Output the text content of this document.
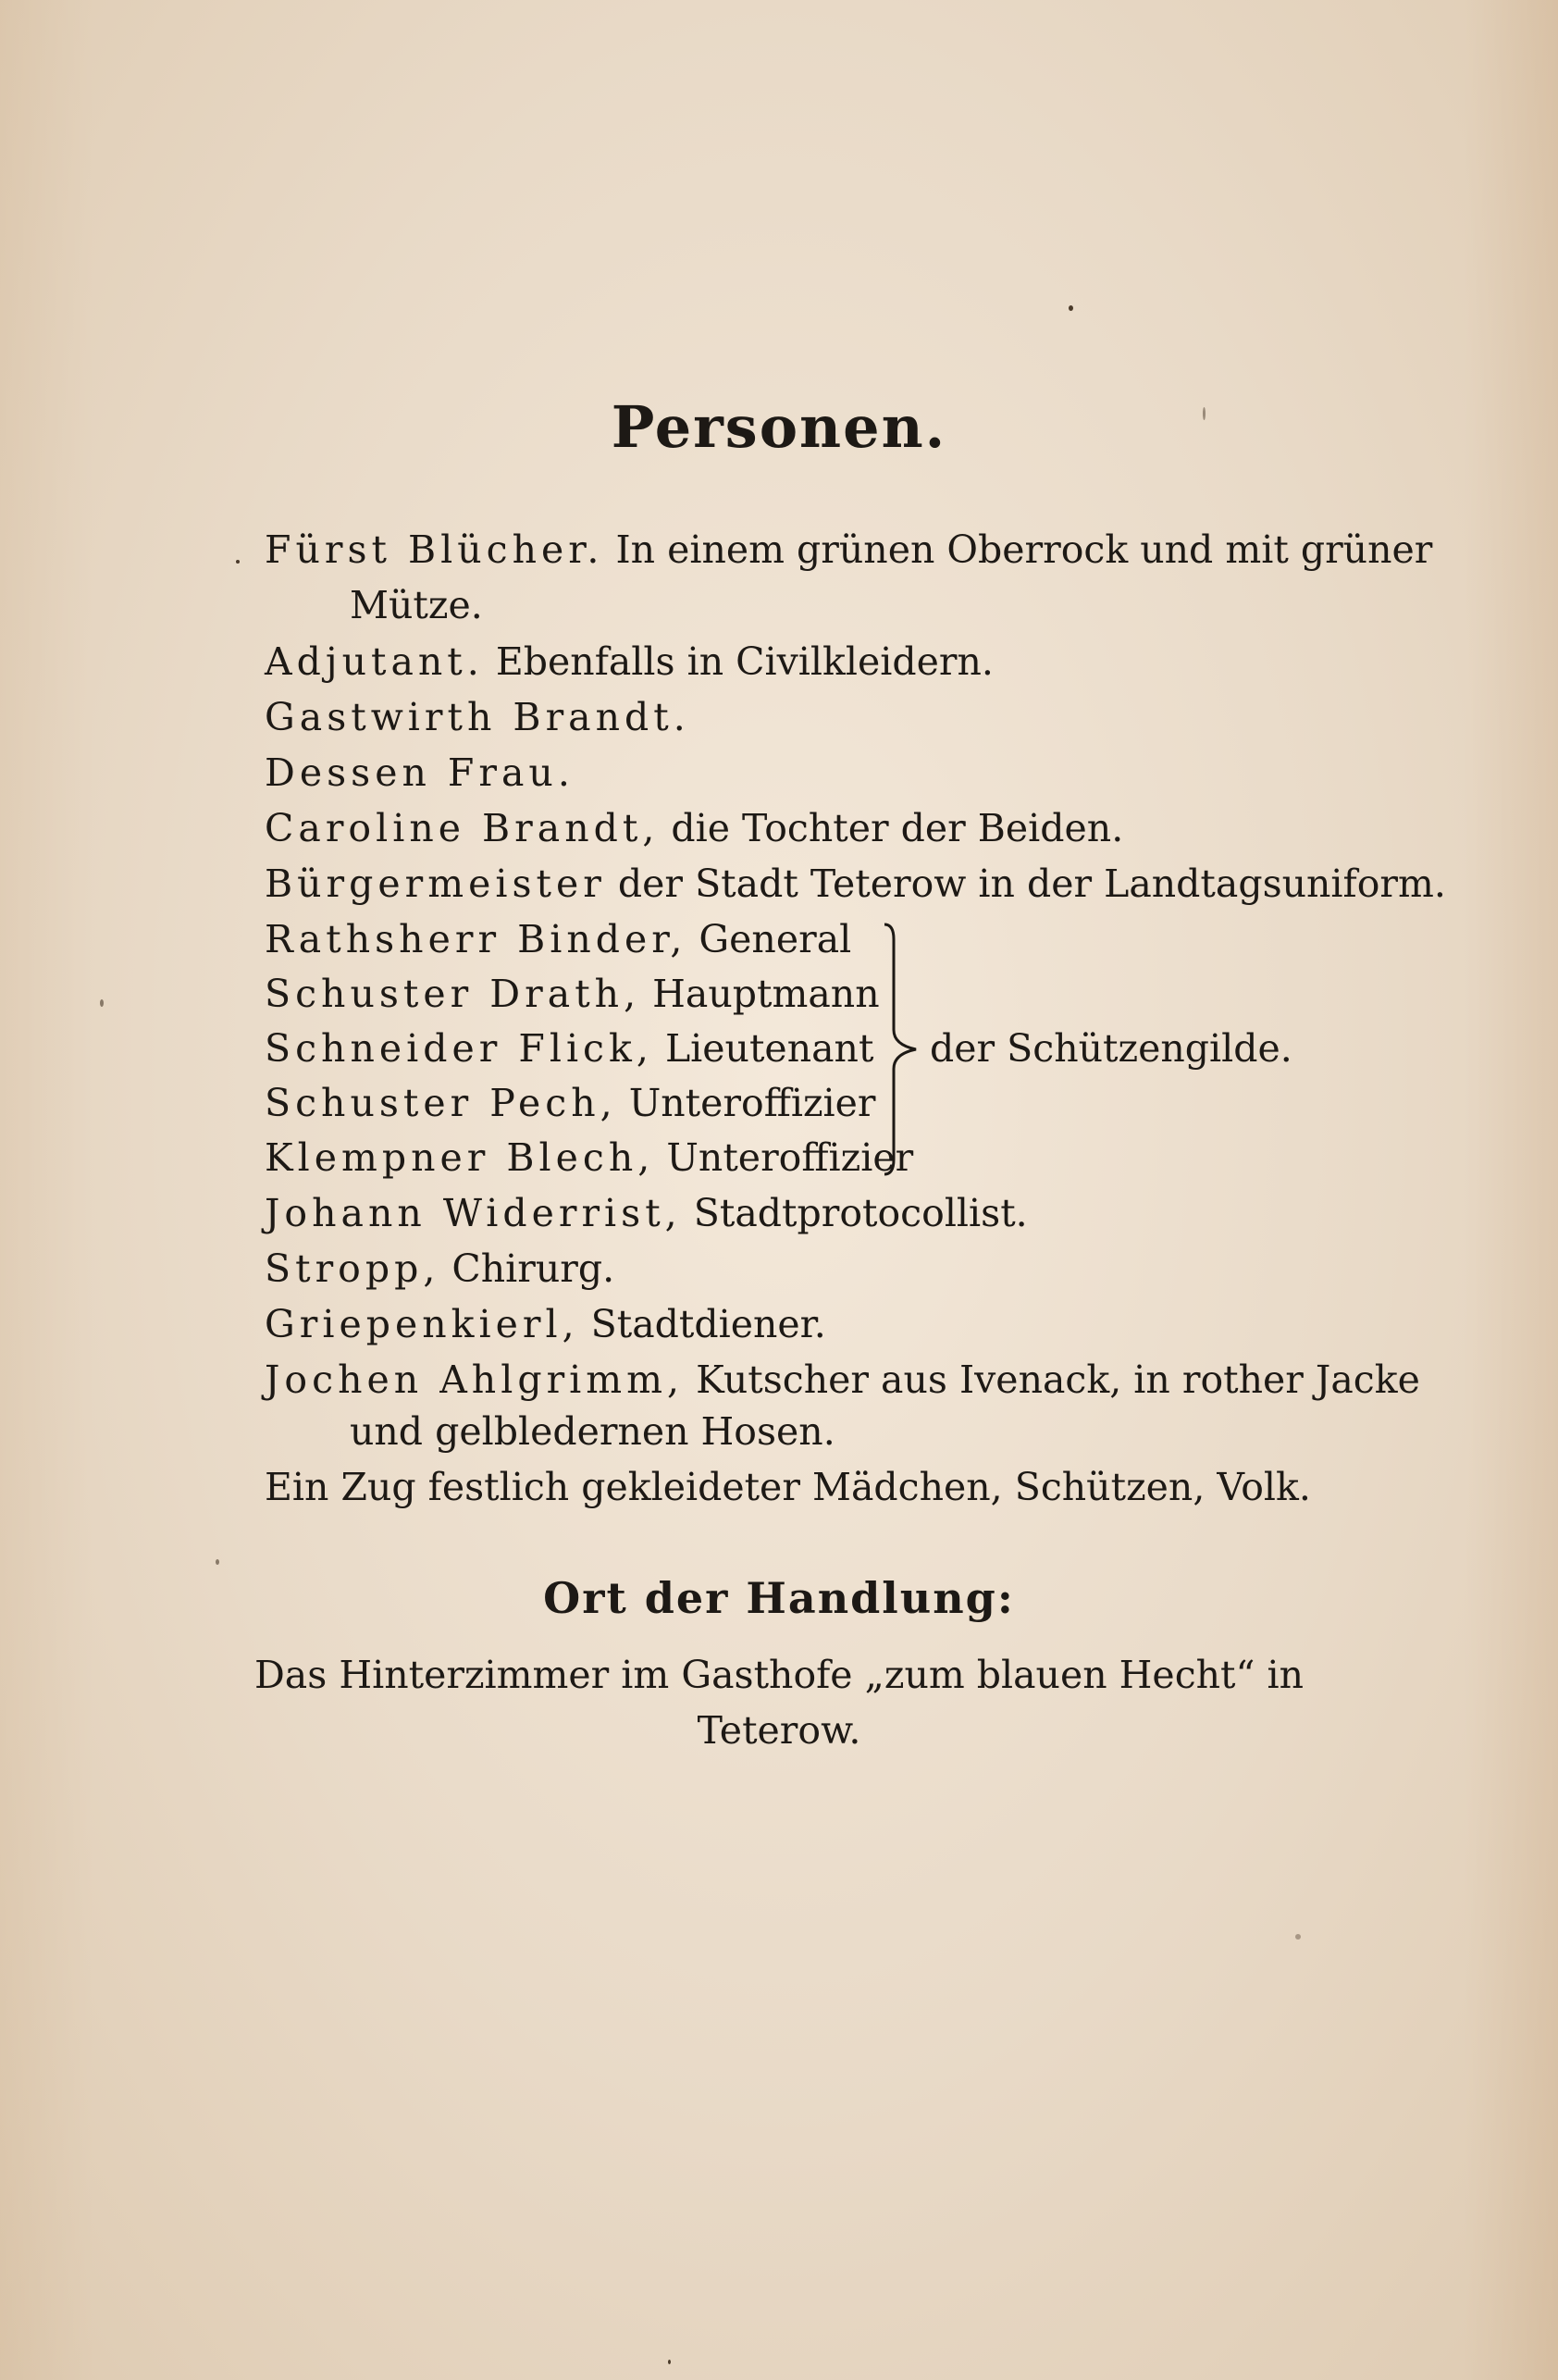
Personen.
Fürst Blücher. In einem grünen Oberrock und mit grüner
Mütze.
Adjutant. Ebenfalls in Civilkleidern.
Gastwirth Brandt.
Dessen Frau.
Caroline Brandt, die Tochter der Beiden.
Bürgermeister der Stadt Teterow in der Landtagsuniform.
Rathsherr Binder, General
Schuster Drath, Hauptmann
Schneider Flick, Lieutenant
Schuster Pech, Unteroffizier
Klempner Blech, Unteroffizier
der Schützengilde.
Johann Widerrist, Stadtprotocollist.
Stropp, Chirurg.
Griepenkierl, Stadtdiener.
Jochen Ahlgrimm, Kutscher aus Ivenack, in rother Jacke
und gelbledernen Hosen.
Ein Zug festlich gekleideter Mädchen, Schützen, Volk.
Ort der Handlung:
Das Hinterzimmer im Gasthofe „zum blauen Hecht“ in
Teterow.
